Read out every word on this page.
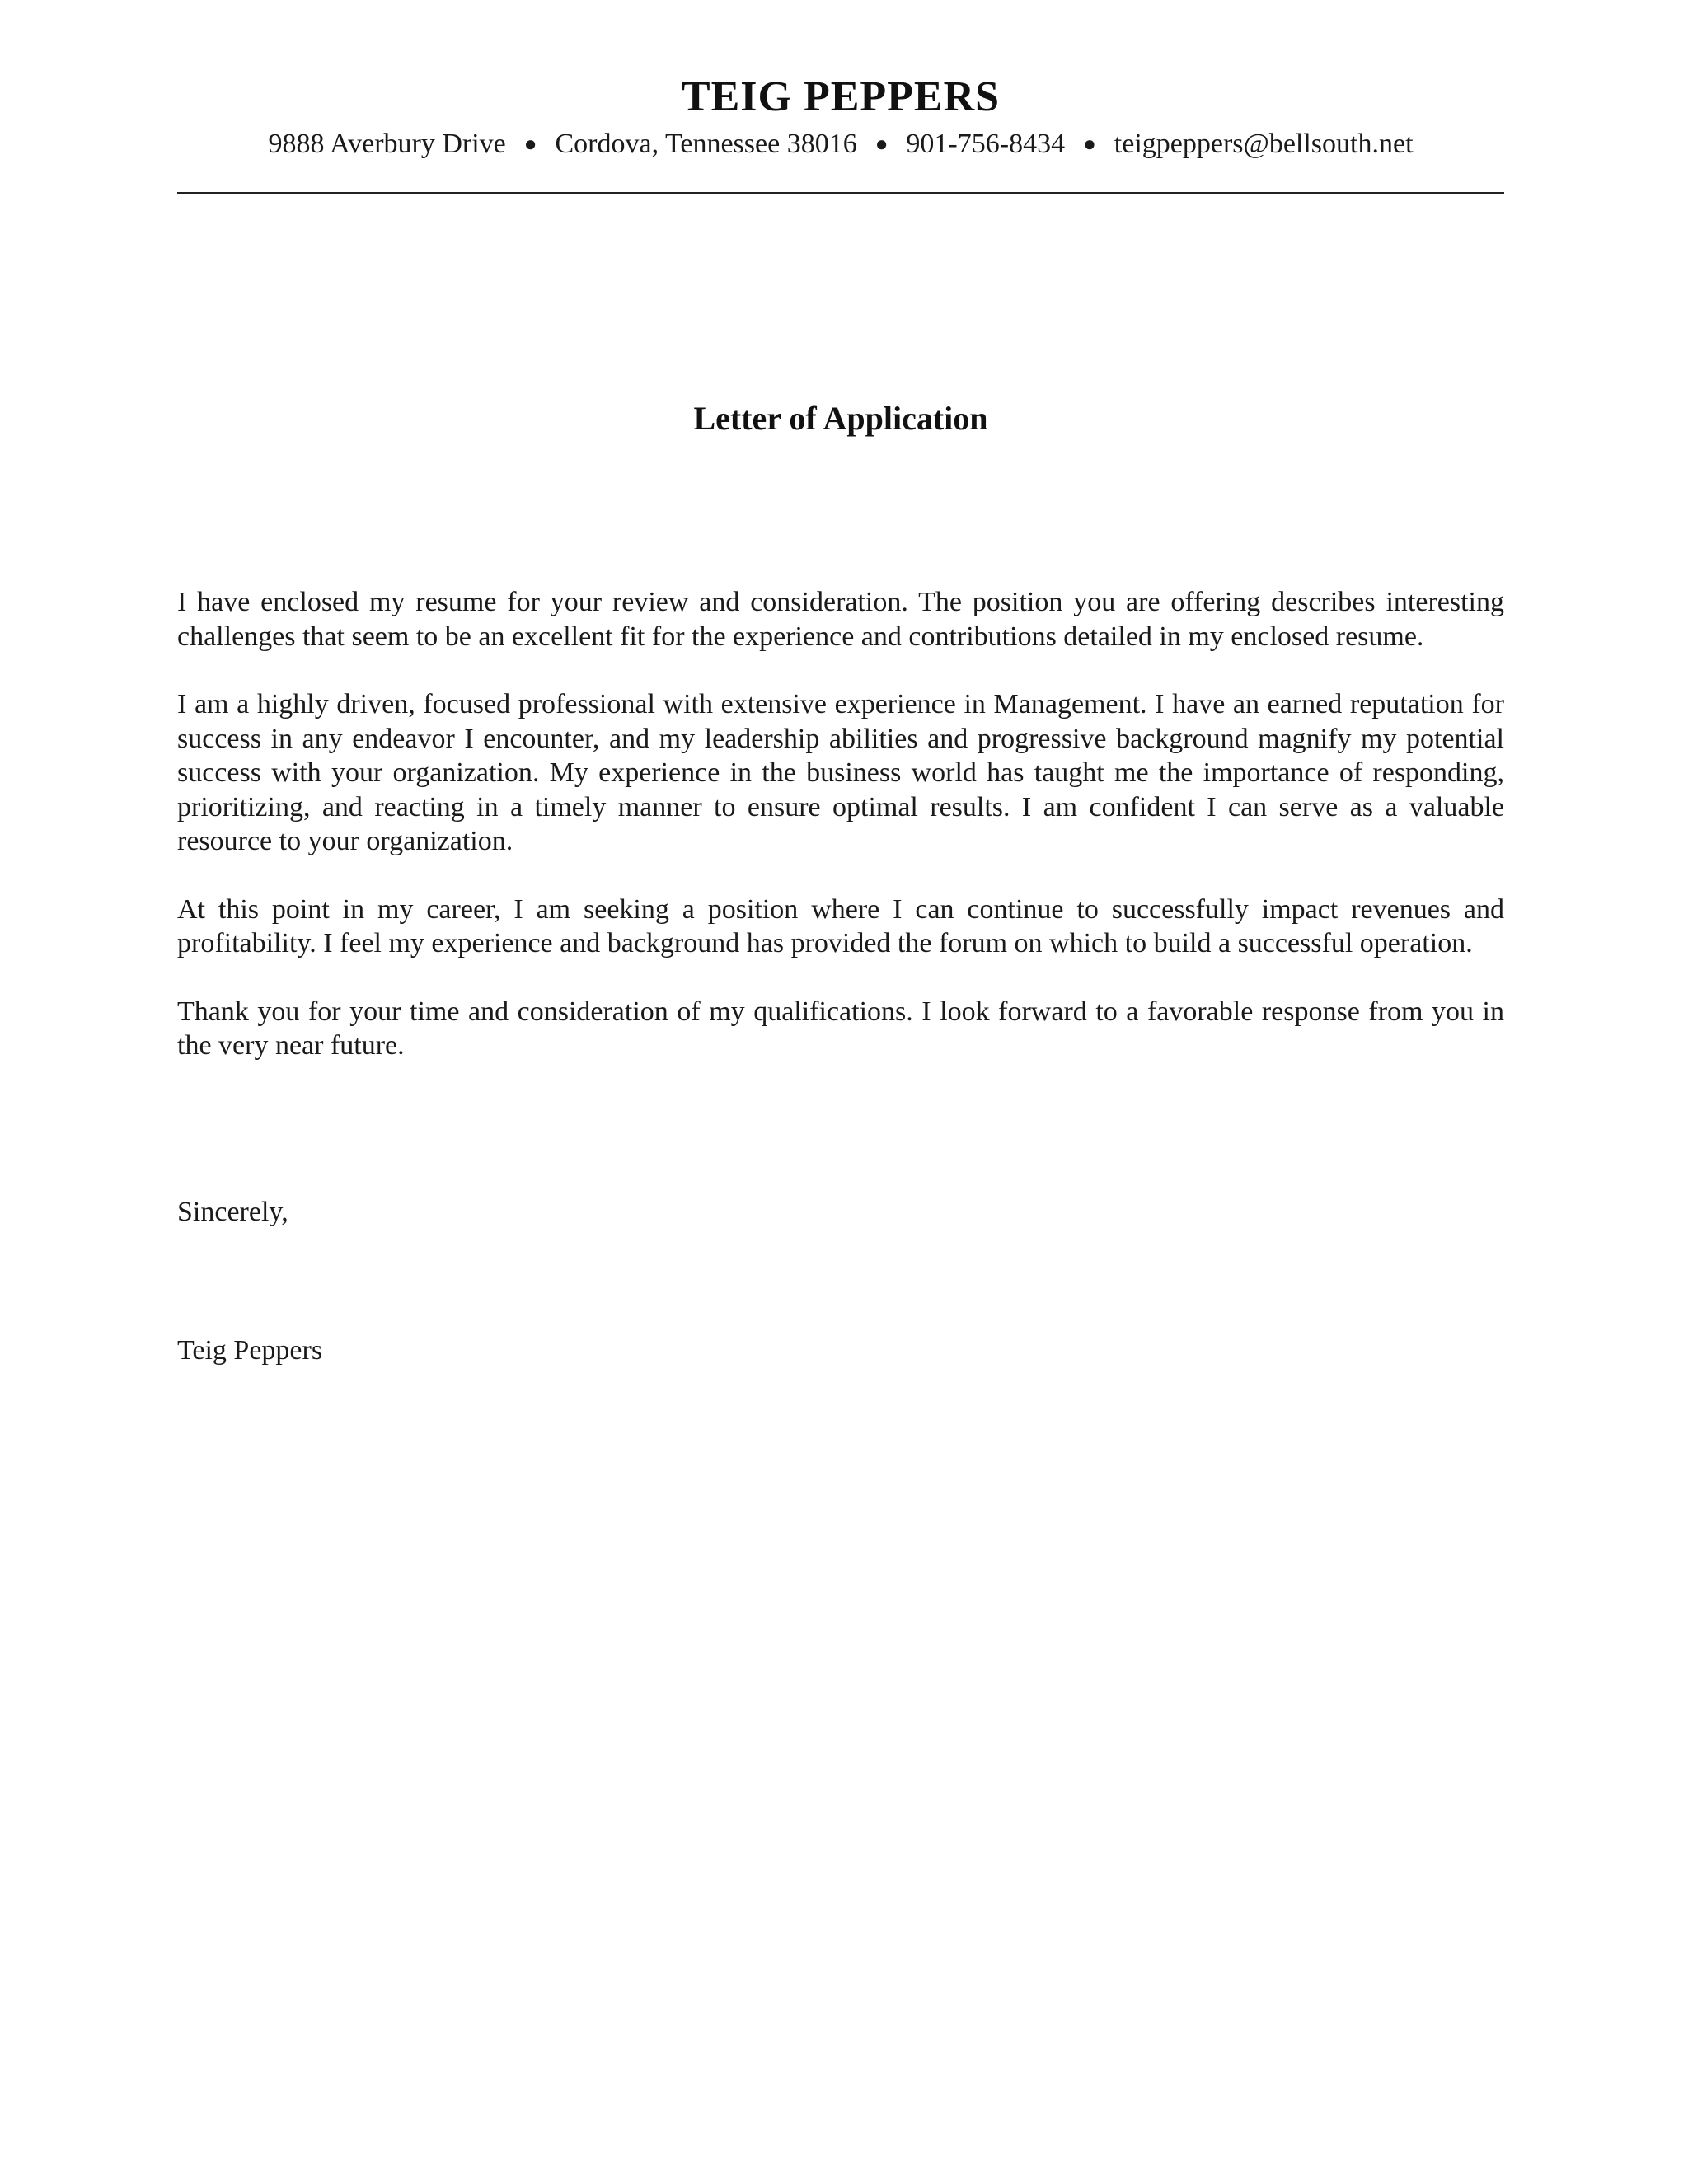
TEIG PEPPERS
9888 Averbury Drive ● Cordova, Tennessee 38016 ● 901-756-8434 ● teigpeppers@bellsouth.net
Letter of Application

I have enclosed my resume for your review and consideration. The position you are offering describes interesting challenges that seem to be an excellent fit for the experience and contributions detailed in my enclosed resume.

I am a highly driven, focused professional with extensive experience in Management. I have an earned reputation for success in any endeavor I encounter, and my leadership abilities and progressive background magnify my potential success with your organization. My experience in the business world has taught me the importance of responding, prioritizing, and reacting in a timely manner to ensure optimal results. I am confident I can serve as a valuable resource to your organization.

At this point in my career, I am seeking a position where I can continue to successfully impact revenues and profitability. I feel my experience and background has provided the forum on which to build a successful operation.

Thank you for your time and consideration of my qualifications. I look forward to a favorable response from you in the very near future.

Sincerely,
Teig Peppers
